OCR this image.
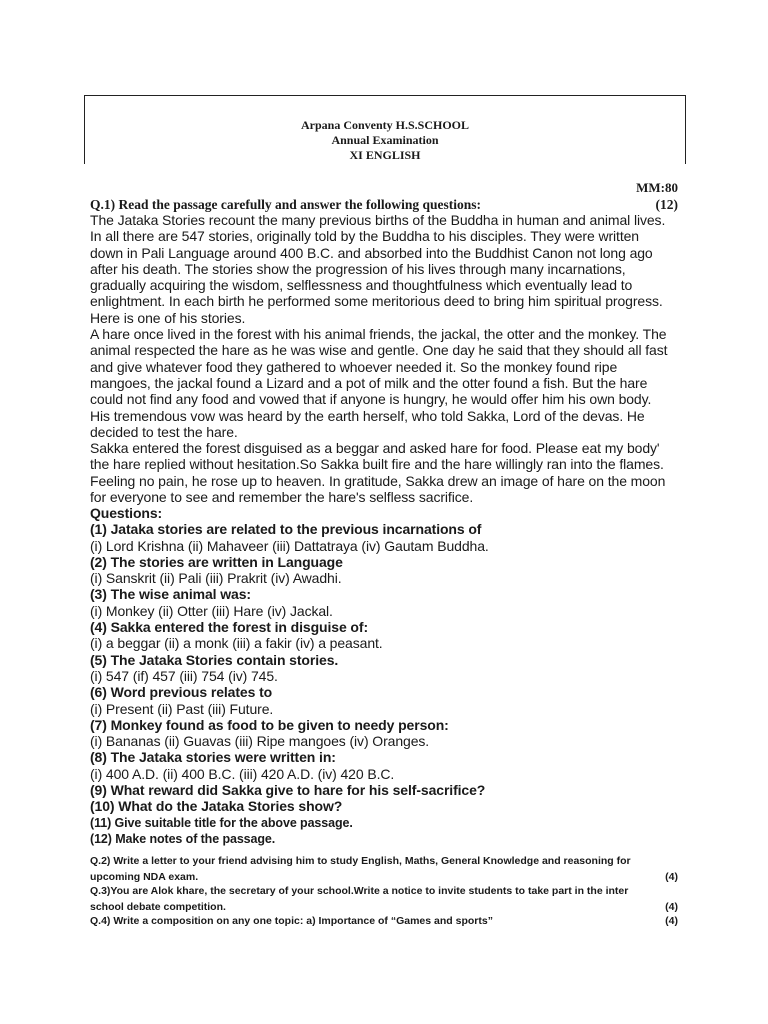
Arpana Conventy H.S.SCHOOL
Annual Examination
XI ENGLISH
MM:80
Q.1) Read the passage carefully and answer the following questions:	(12)

The Jataka Stories recount the many previous births of the Buddha in human and animal lives.

In all there are 547 stories, originally told by the Buddha to his disciples. They were written

down in Pali Language around 400 B.C. and absorbed into the Buddhist Canon not long ago

after his death. The stories show the progression of his lives through many incarnations,

gradually acquiring the wisdom, selflessness and thoughtfulness which eventually lead to

enlightment. In each birth he performed some meritorious deed to bring him spiritual progress.

Here is one of his stories.

A hare once lived in the forest with his animal friends, the jackal, the otter and the monkey. The

animal respected the hare as he was wise and gentle. One day he said that they should all fast

and give whatever food they gathered to whoever needed it. So the monkey found ripe

mangoes, the jackal found a Lizard and a pot of milk and the otter found a fish. But the hare

could not find any food and vowed that if anyone is hungry, he would offer him his own body.

His tremendous vow was heard by the earth herself, who told Sakka, Lord of the devas. He

decided to test the hare.

Sakka entered the forest disguised as a beggar and asked hare for food. Please eat my body'

the hare replied without hesitation.So Sakka built fire and the hare willingly ran into the flames.

Feeling no pain, he rose up to heaven. In gratitude, Sakka drew an image of hare on the moon

for everyone to see and remember the hare's selfless sacrifice.

Questions:
(1) Jataka stories are related to the previous incarnations of
(i) Lord Krishna (ii) Mahaveer (iii) Dattatraya (iv) Gautam Buddha.
(2) The stories are written in Language
(i) Sanskrit (ii) Pali (iii) Prakrit (iv) Awadhi.
(3) The wise animal was:
(i) Monkey (ii) Otter (iii) Hare (iv) Jackal.
(4) Sakka entered the forest in disguise of:
(i) a beggar (ii) a monk (iii) a fakir (iv) a peasant.
(5) The Jataka Stories contain stories.
(i) 547 (if) 457 (iii) 754 (iv) 745.
(6) Word previous relates to
(i) Present (ii) Past (iii) Future.
(7) Monkey found as food to be given to needy person:
(i) Bananas (ii) Guavas (iii) Ripe mangoes (iv) Oranges.
(8) The Jataka stories were written in:
(i) 400 A.D. (ii) 400 B.C. (iii) 420 A.D. (iv) 420 B.C.
(9) What reward did Sakka give to hare for his self-sacrifice?
(10) What do the Jataka Stories show?
(11) Give suitable title for the above passage.
(12) Make notes of the passage.
Q.2) Write a letter to your friend advising him to study English, Maths, General Knowledge and reasoning for
upcoming NDA exam.	(4)
Q.3)You are Alok khare, the secretary of your school.Write a notice to invite students to take part in the inter
school debate competition.	(4)
Q.4) Write a composition on any one topic: a) Importance of “Games and sports”	(4)
